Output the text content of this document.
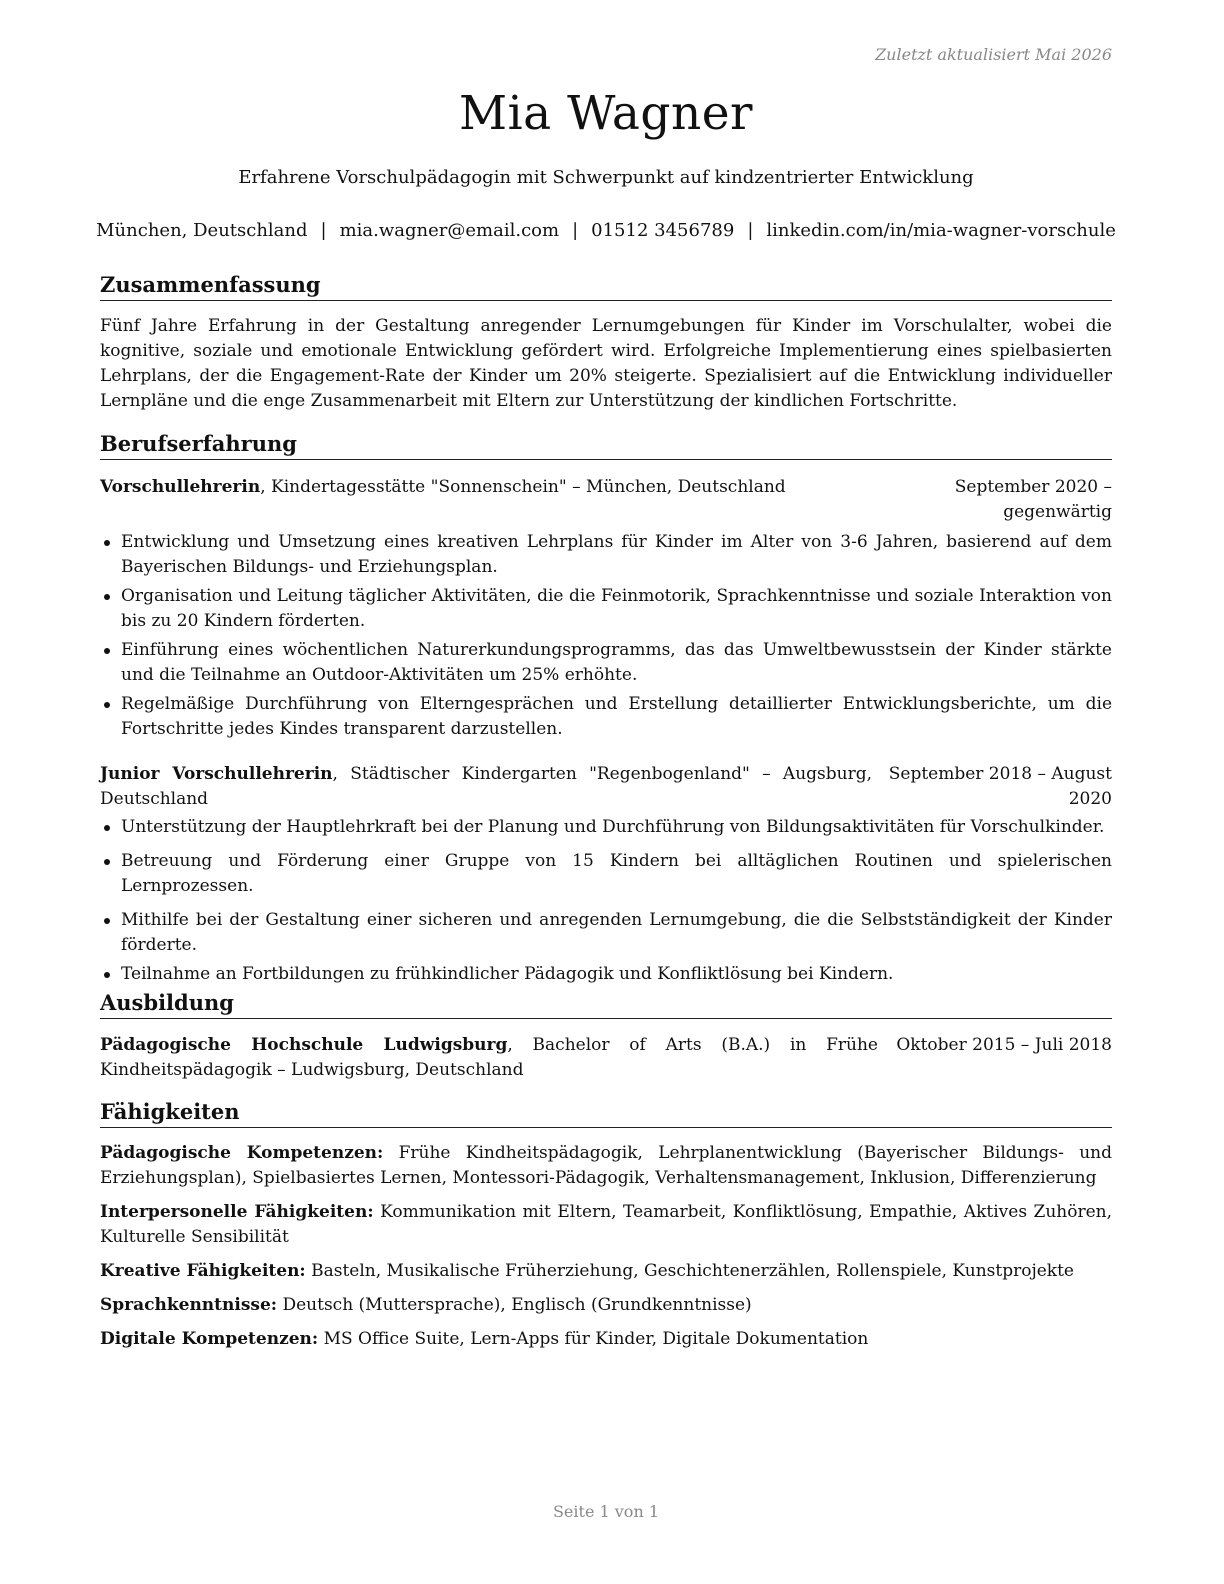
Zuletzt aktualisiert Mai 2026
Mia Wagner
Erfahrene Vorschulpädagogin mit Schwerpunkt auf kindzentrierter Entwicklung
München, Deutschland | mia.wagner@email.com | 01512 3456789 | linkedin.com/in/mia-wagner-vorschule
Zusammenfassung

Fünf Jahre Erfahrung in der Gestaltung anregender Lernumgebungen für Kinder im Vorschulalter, wobei die kognitive, soziale und emotionale Entwicklung gefördert wird. Erfolgreiche Implementierung eines spielbasierten Lehrplans, der die Engagement-Rate der Kinder um 20% steigerte. Spezialisiert auf die Entwicklung individueller Lernpläne und die enge Zusammenarbeit mit Eltern zur Unterstützung der kindlichen Fortschritte.

Berufserfahrung
Vorschullehrerin, Kindertagesstätte "Sonnenschein" – München, Deutschland	September 2020 – gegenwärtig
Entwicklung und Umsetzung eines kreativen Lehrplans für Kinder im Alter von 3-6 Jahren, basierend auf dem Bayerischen Bildungs- und Erziehungsplan.
Organisation und Leitung täglicher Aktivitäten, die die Feinmotorik, Sprachkenntnisse und soziale Interaktion von bis zu 20 Kindern förderten.
Einführung eines wöchentlichen Naturerkundungsprogramms, das das Umweltbewusstsein der Kinder stärkte und die Teilnahme an Outdoor-Aktivitäten um 25% erhöhte.
Regelmäßige Durchführung von Elterngesprächen und Erstellung detaillierter Entwicklungsberichte, um die Fortschritte jedes Kindes transparent darzustellen.
Junior Vorschullehrerin, Städtischer Kindergarten "Regenbogenland" – Augsburg, Deutschland
September 2018 – August 2020
Unterstützung der Hauptlehrkraft bei der Planung und Durchführung von Bildungsaktivitäten für Vorschulkinder.
Betreuung und Förderung einer Gruppe von 15 Kindern bei alltäglichen Routinen und spielerischen Lernprozessen.
Mithilfe bei der Gestaltung einer sicheren und anregenden Lernumgebung, die die Selbstständigkeit der Kinder förderte.
Teilnahme an Fortbildungen zu frühkindlicher Pädagogik und Konfliktlösung bei Kindern.
Ausbildung
Pädagogische Hochschule Ludwigsburg, Bachelor of Arts (B.A.) in Frühe Kindheitspädagogik – Ludwigsburg, Deutschland
Oktober 2015 – Juli 2018
Fähigkeiten

Pädagogische Kompetenzen: Frühe Kindheitspädagogik, Lehrplanentwicklung (Bayerischer Bildungs- und Erziehungsplan), Spielbasiertes Lernen, Montessori-Pädagogik, Verhaltensmanagement, Inklusion, Differenzierung

Interpersonelle Fähigkeiten: Kommunikation mit Eltern, Teamarbeit, Konfliktlösung, Empathie, Aktives Zuhören, Kulturelle Sensibilität

Kreative Fähigkeiten: Basteln, Musikalische Früherziehung, Geschichtenerzählen, Rollenspiele, Kunstprojekte

Sprachkenntnisse: Deutsch (Muttersprache), Englisch (Grundkenntnisse)

Digitale Kompetenzen: MS Office Suite, Lern-Apps für Kinder, Digitale Dokumentation

Seite 1 von 1
